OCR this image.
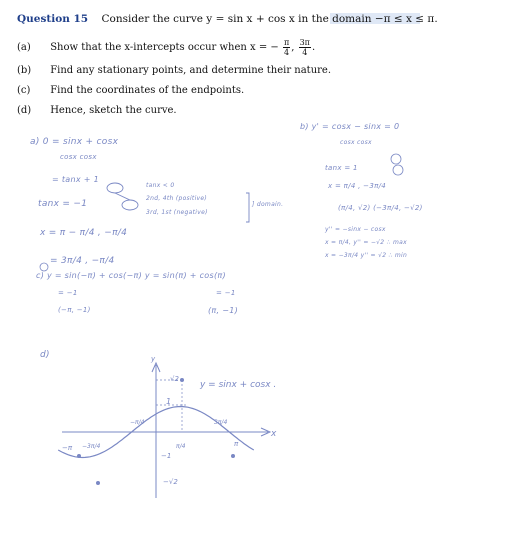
Question 15 Consider the curve y = sin x + cos x in the domain −π ≤ x ≤ π.
(a) Show that the x-intercepts occur when x = − $\frac{\pi}{4}$ , $\frac{3\pi}{4}$ .
(b) Find any stationary points, and determine their nature.
(c) Find the coordinates of the endpoints.
(d) Hence, sketch the curve.
a) 0 = sinx + cosx
cosx cosx
= tanx + 1
tanx = −1
tanx < 0
2nd, 4th (positive)
3rd, 1st (negative)
] domain.
x = π − π/4 , −π/4
= 3π/4 , −π/4
b) y' = cosx − sinx = 0
cosx cosx
tanx = 1
x = π/4 , −3π/4
(π/4, √2) (−3π/4, −√2)
y'' = −sinx − cosx
x = π/4, y'' = −√2 ∴ max
x = −3π/4 y'' = √2 ∴ min
c) y = sin(−π) + cos(−π) y = sin(π) + cos(π)
= −1	= −1
(−π, −1)	(π, −1)
d)
1
−1
−√2
√2
−π −3π/4
−π/4
π/4
3π/4
π
y
x
y = sinx + cosx .
